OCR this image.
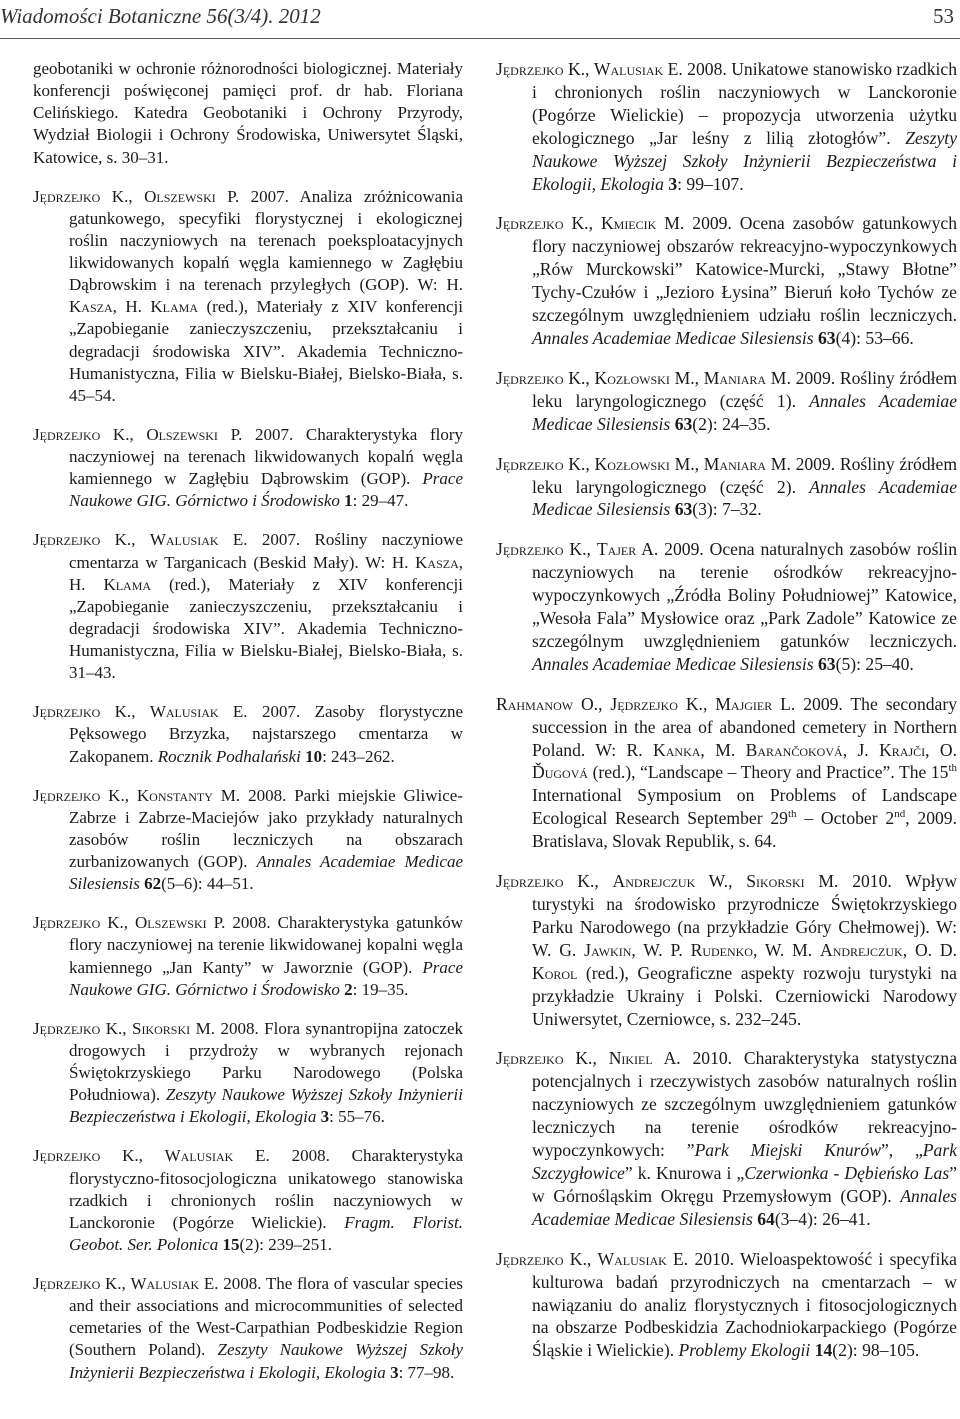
Wiadomości Botaniczne 56(3/4). 2012	53

geobotaniki w ochronie różnorodności biologicznej. Materiały konferencji poświęconej pamięci prof. dr hab. Floriana Celińskiego. Katedra Geobotaniki i Ochrony Przyrody, Wydział Biologii i Ochrony Środowiska, Uniwersytet Śląski, Katowice, s. 30–31.

Jędrzejko K., Olszewski P. 2007. Analiza zróżnicowania gatunkowego, specyfiki florystycznej i ekologicznej roślin naczyniowych na terenach poeksploatacyjnych likwidowanych kopalń węgla kamiennego w Zagłębiu Dąbrowskim i na terenach przyległych (GOP). W: H. Kasza, H. Klama (red.), Materiały z XIV konferencji „Zapobieganie zanieczyszczeniu, przekształcaniu i degradacji środowiska XIV”. Akademia Techniczno-Humanistyczna, Filia w Bielsku-Białej, Bielsko-Biała, s. 45–54.

Jędrzejko K., Olszewski P. 2007. Charakterystyka flory naczyniowej na terenach likwidowanych kopalń węgla kamiennego w Zagłębiu Dąbrowskim (GOP). Prace Naukowe GIG. Górnictwo i Środowisko 1: 29–47.

Jędrzejko K., Walusiak E. 2007. Rośliny naczyniowe cmentarza w Targanicach (Beskid Mały). W: H. Kasza, H. Klama (red.), Materiały z XIV konferencji „Zapobieganie zanieczyszczeniu, przekształcaniu i degradacji środowiska XIV”. Akademia Techniczno-Humanistyczna, Filia w Bielsku-Białej, Bielsko-Biała, s. 31–43.

Jędrzejko K., Walusiak E. 2007. Zasoby florystyczne Pęksowego Brzyzka, najstarszego cmentarza w Zakopanem. Rocznik Podhalański 10: 243–262.

Jędrzejko K., Konstanty M. 2008. Parki miejskie Gliwice-Zabrze i Zabrze-Maciejów jako przykłady naturalnych zasobów roślin leczniczych na obszarach zurbanizowanych (GOP). Annales Academiae Medicae Silesiensis 62(5–6): 44–51.

Jędrzejko K., Olszewski P. 2008. Charakterystyka gatunków flory naczyniowej na terenie likwidowanej kopalni węgla kamiennego „Jan Kanty” w Jaworznie (GOP). Prace Naukowe GIG. Górnictwo i Środowisko 2: 19–35.

Jędrzejko K., Sikorski M. 2008. Flora synantropijna zatoczek drogowych i przydroży w wybranych rejonach Świętokrzyskiego Parku Narodowego (Polska Południowa). Zeszyty Naukowe Wyższej Szkoły Inżynierii Bezpieczeństwa i Ekologii, Ekologia 3: 55–76.

Jędrzejko K., Walusiak E. 2008. Charakterystyka florystyczno-fitosocjologiczna unikatowego stanowiska rzadkich i chronionych roślin naczyniowych w Lanckoronie (Pogórze Wielickie). Fragm. Florist. Geobot. Ser. Polonica 15(2): 239–251.

Jędrzejko K., Walusiak E. 2008. The flora of vascular species and their associations and microcommunities of selected cemetaries of the West-Carpathian Podbeskidzie Region (Southern Poland). Zeszyty Naukowe Wyższej Szkoły Inżynierii Bezpieczeństwa i Ekologii, Ekologia 3: 77–98.

Jędrzejko K., Walusiak E. 2008. Unikatowe stanowisko rzadkich i chronionych roślin naczyniowych w Lanckoronie (Pogórze Wielickie) – propozycja utworzenia użytku ekologicznego „Jar leśny z lilią złotogłów”. Zeszyty Naukowe Wyższej Szkoły Inżynierii Bezpieczeństwa i Ekologii, Ekologia 3: 99–107.

Jędrzejko K., Kmiecik M. 2009. Ocena zasobów gatunkowych flory naczyniowej obszarów rekreacyjno-wypoczynkowych „Rów Murckowski” Katowice-Murcki, „Stawy Błotne” Tychy-Czułów i „Jezioro Łysina” Bieruń koło Tychów ze szczególnym uwzględnieniem udziału roślin leczniczych. Annales Academiae Medicae Silesiensis 63(4): 53–66.

Jędrzejko K., Kozłowski M., Maniara M. 2009. Rośliny źródłem leku laryngologicznego (część 1). Annales Academiae Medicae Silesiensis 63(2): 24–35.

Jędrzejko K., Kozłowski M., Maniara M. 2009. Rośliny źródłem leku laryngologicznego (część 2). Annales Academiae Medicae Silesiensis 63(3): 7–32.

Jędrzejko K., Tajer A. 2009. Ocena naturalnych zasobów roślin naczyniowych na terenie ośrodków rekreacyjno-wypoczynkowych „Źródła Boliny Południowej” Katowice, „Wesoła Fala” Mysłowice oraz „Park Zadole” Katowice ze szczególnym uwzględnieniem gatunków leczniczych. Annales Academiae Medicae Silesiensis 63(5): 25–40.

Rahmanow O., Jędrzejko K., Majgier L. 2009. The secondary succession in the area of abandoned cemetery in Northern Poland. W: R. Kanka, M. Barančoková, J. Krajči, O. Ďugová (red.), “Landscape – Theory and Practice”. The 15th International Symposium on Problems of Landscape Ecological Research September 29th – October 2nd, 2009. Bratislava, Slovak Republik, s. 64.

Jędrzejko K., Andrejczuk W., Sikorski M. 2010. Wpływ turystyki na środowisko przyrodnicze Świętokrzyskiego Parku Narodowego (na przykładzie Góry Chełmowej). W: W. G. Jawkin, W. P. Rudenko, W. M. Andrejczuk, O. D. Korol (red.), Geograficzne aspekty rozwoju turystyki na przykładzie Ukrainy i Polski. Czerniowicki Narodowy Uniwersytet, Czerniowce, s. 232–245.

Jędrzejko K., Nikiel A. 2010. Charakterystyka statystyczna potencjalnych i rzeczywistych zasobów naturalnych roślin naczyniowych ze szczególnym uwzględnieniem gatunków leczniczych na terenie ośrodków rekreacyjno-wypoczynkowych: ”Park Miejski Knurów”, „Park Szczygłowice” k. Knurowa i „Czerwionka - Dębieńsko Las” w Górnośląskim Okręgu Przemysłowym (GOP). Annales Academiae Medicae Silesiensis 64(3–4): 26–41.

Jędrzejko K., Walusiak E. 2010. Wieloaspektowość i specyfika kulturowa badań przyrodniczych na cmentarzach – w nawiązaniu do analiz florystycznych i fitosocjologicznych na obszarze Podbeskidzia Zachodniokarpackiego (Pogórze Śląskie i Wielickie). Problemy Ekologii 14(2): 98–105.
